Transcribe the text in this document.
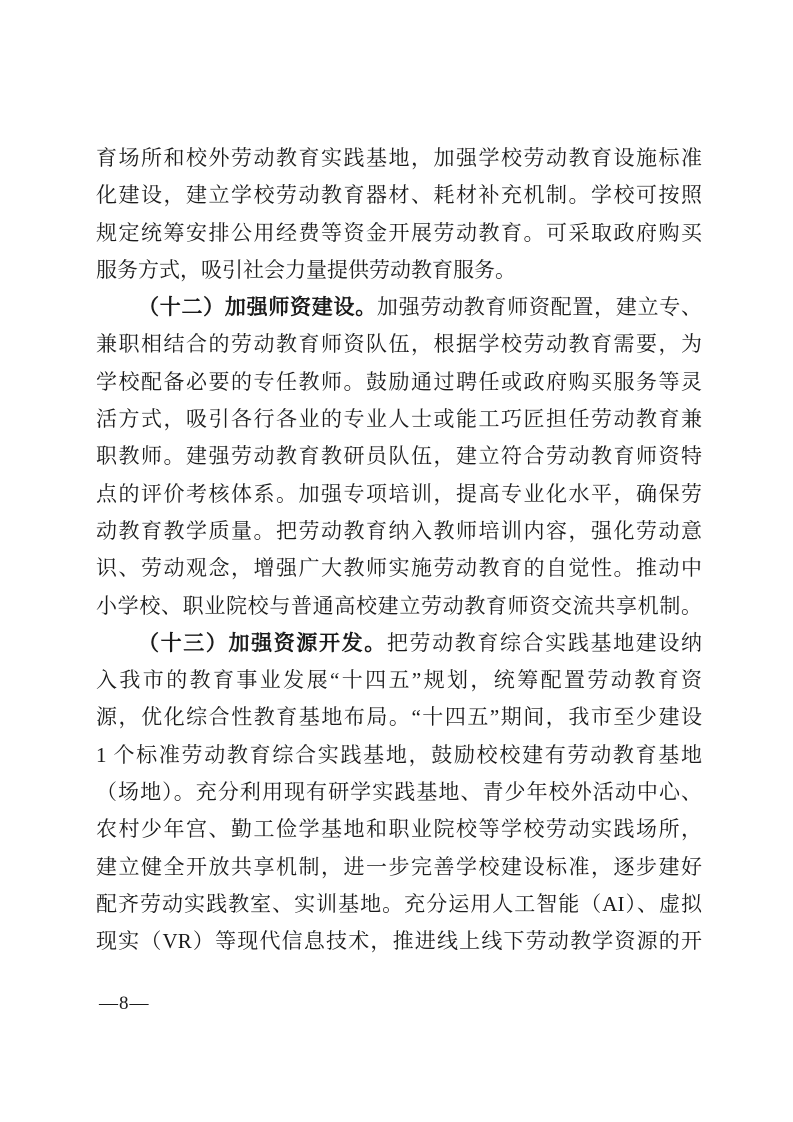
育场所和校外劳动教育实践基地，加强学校劳动教育设施标准
化建设，建立学校劳动教育器材、耗材补充机制。学校可按照
规定统筹安排公用经费等资金开展劳动教育。可采取政府购买
服务方式，吸引社会力量提供劳动教育服务。
（十二）加强师资建设。加强劳动教育师资配置，建立专、
兼职相结合的劳动教育师资队伍，根据学校劳动教育需要，为
学校配备必要的专任教师。鼓励通过聘任或政府购买服务等灵
活方式，吸引各行各业的专业人士或能工巧匠担任劳动教育兼
职教师。建强劳动教育教研员队伍，建立符合劳动教育师资特
点的评价考核体系。加强专项培训，提高专业化水平，确保劳
动教育教学质量。把劳动教育纳入教师培训内容，强化劳动意
识、劳动观念，增强广大教师实施劳动教育的自觉性。推动中
小学校、职业院校与普通高校建立劳动教育师资交流共享机制。
（十三）加强资源开发。把劳动教育综合实践基地建设纳
入我市的教育事业发展“十四五”规划，统筹配置劳动教育资
源，优化综合性教育基地布局。“十四五”期间，我市至少建设
1 个标准劳动教育综合实践基地，鼓励校校建有劳动教育基地
（场地）。充分利用现有研学实践基地、青少年校外活动中心、
农村少年宫、勤工俭学基地和职业院校等学校劳动实践场所，
建立健全开放共享机制，进一步完善学校建设标准，逐步建好
配齐劳动实践教室、实训基地。充分运用人工智能（AI）、虚拟
现实（VR）等现代信息技术，推进线上线下劳动教学资源的开
—8—
